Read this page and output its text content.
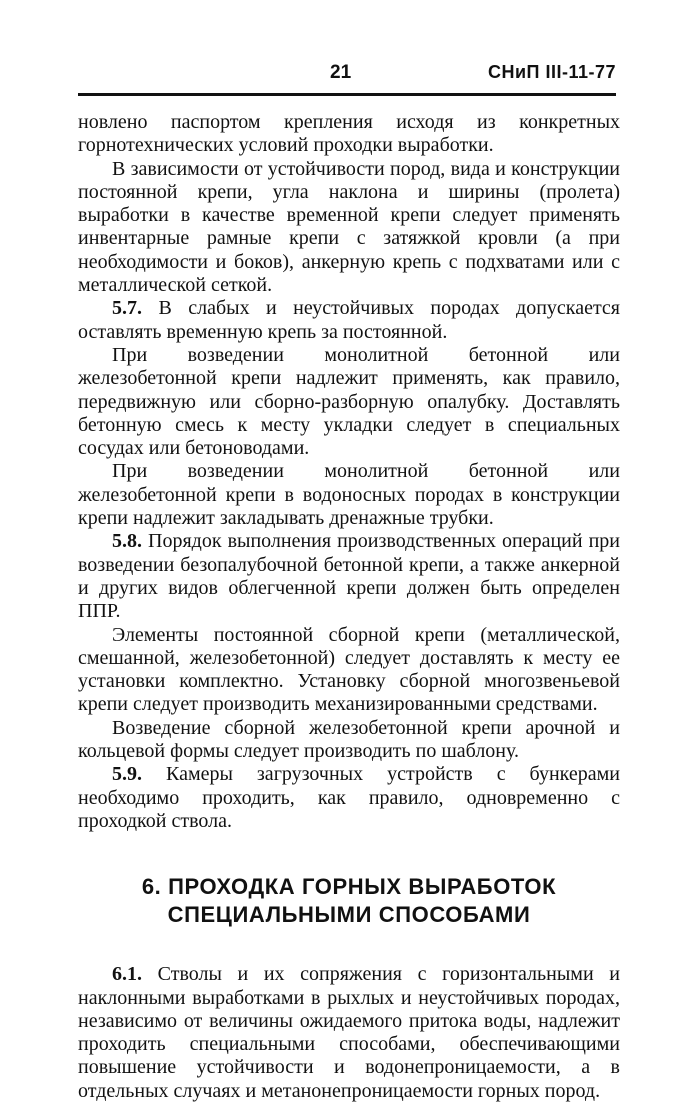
21	СНиП III-11-77

новлено паспортом крепления исходя из конкретных горнотехнических условий проходки выработки.

В зависимости от устойчивости пород, вида и конструкции постоянной крепи, угла наклона и ширины (пролета) выработки в качестве временной крепи следует применять инвентарные рамные крепи с затяжкой кровли (а при необходимости и боков), анкерную крепь с подхватами или с металлической сеткой.

5.7. В слабых и неустойчивых породах допускается оставлять временную крепь за постоянной.

При возведении монолитной бетонной или железобетонной крепи надлежит применять, как правило, передвижную или сборно-разборную опалубку. Доставлять бетонную смесь к месту укладки следует в специальных сосудах или бетоноводами.

При возведении монолитной бетонной или железобетонной крепи в водоносных породах в конструкции крепи надлежит закладывать дренажные трубки.

5.8. Порядок выполнения производственных операций при возведении безопалубочной бетонной крепи, а также анкерной и других видов облегченной крепи должен быть определен ППР.

Элементы постоянной сборной крепи (металлической, смешанной, железобетонной) следует доставлять к месту ее установки комплектно. Установку сборной многозвеньевой крепи следует производить механизированными средствами.

Возведение сборной железобетонной крепи арочной и кольцевой формы следует производить по шаблону.

5.9. Камеры загрузочных устройств с бункерами необходимо проходить, как правило, одновременно с проходкой ствола.

6. ПРОХОДКА ГОРНЫХ ВЫРАБОТОК
СПЕЦИАЛЬНЫМИ СПОСОБАМИ

6.1. Стволы и их сопряжения с горизонтальными и наклонными выработками в рыхлых и неустойчивых породах, независимо от величины ожидаемого притока воды, надлежит проходить специальными способами, обеспечивающими повышение устойчивости и водонепроницаемости, а в отдельных случаях и метанонепроницаемости горных пород.
